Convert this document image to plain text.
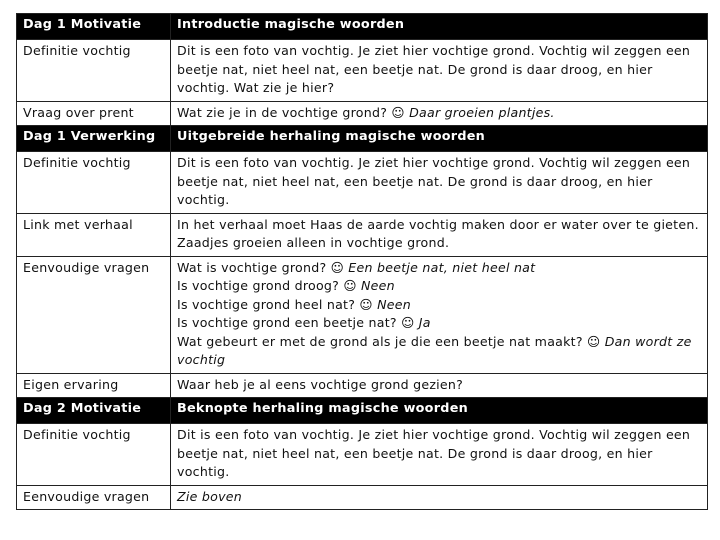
Dag 1 Motivatie	Introductie magische woorden
Definitie vochtig	Dit is een foto van vochtig. Je ziet hier vochtige grond. Vochtig wil zeggen een beetje nat, niet heel nat, een beetje nat. De grond is daar droog, en hier vochtig. Wat zie je hier?
Vraag over prent	Wat zie je in de vochtige grond? ☺ Daar groeien plantjes.
Dag 1 Verwerking	Uitgebreide herhaling magische woorden
Definitie vochtig	Dit is een foto van vochtig. Je ziet hier vochtige grond. Vochtig wil zeggen een beetje nat, niet heel nat, een beetje nat. De grond is daar droog, en hier vochtig.
Link met verhaal	In het verhaal moet Haas de aarde vochtig maken door er water over te gieten. Zaadjes groeien alleen in vochtige grond.
Eenvoudige vragen	Wat is vochtige grond? ☺ Een beetje nat, niet heel nat
Is vochtige grond droog? ☺ Neen
Is vochtige grond heel nat? ☺ Neen
Is vochtige grond een beetje nat? ☺ Ja
Wat gebeurt er met de grond als je die een beetje nat maakt? ☺ Dan wordt ze vochtig

Eigen ervaring	Waar heb je al eens vochtige grond gezien?
Dag 2 Motivatie	Beknopte herhaling magische woorden
Definitie vochtig	Dit is een foto van vochtig. Je ziet hier vochtige grond. Vochtig wil zeggen een beetje nat, niet heel nat, een beetje nat. De grond is daar droog, en hier vochtig.
Eenvoudige vragen	Zie boven
